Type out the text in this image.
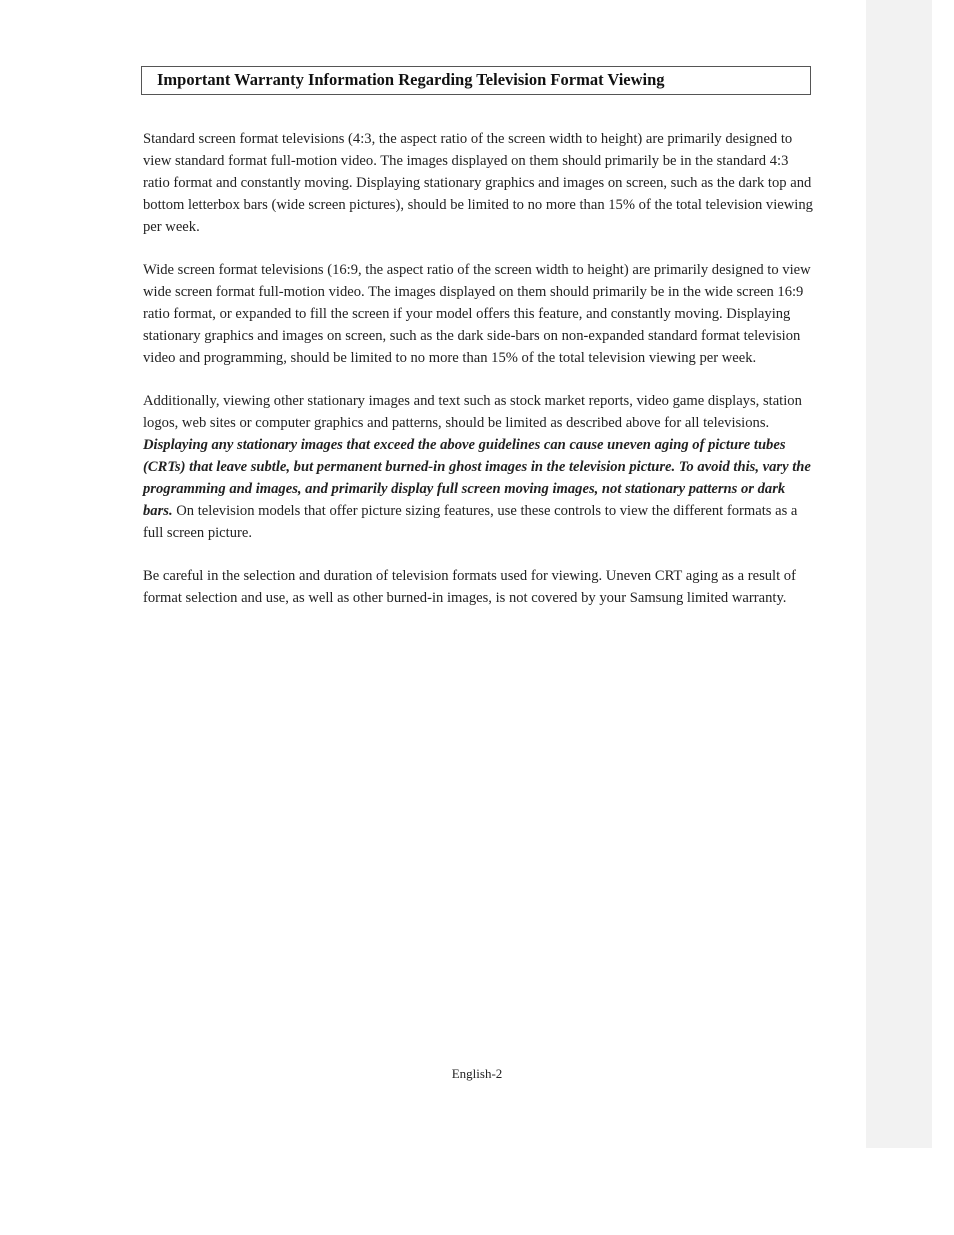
Important Warranty Information Regarding Television Format Viewing

Standard screen format televisions (4:3, the aspect ratio of the screen width to height) are primarily designed to view standard format full-motion video. The images displayed on them should primarily be in the standard 4:3 ratio format and constantly moving. Displaying stationary graphics and images on screen, such as the dark top and bottom letterbox bars (wide screen pictures), should be limited to no more than 15% of the total television viewing per week.

Wide screen format televisions (16:9, the aspect ratio of the screen width to height) are primarily designed to view wide screen format full-motion video. The images displayed on them should primarily be in the wide screen 16:9 ratio format, or expanded to fill the screen if your model offers this feature, and constantly moving. Displaying stationary graphics and images on screen, such as the dark side-bars on non-expanded standard format television video and programming, should be limited to no more than 15% of the total television viewing per week.

Additionally, viewing other stationary images and text such as stock market reports, video game displays, station logos, web sites or computer graphics and patterns, should be limited as described above for all televisions. Displaying any stationary images that exceed the above guidelines can cause uneven aging of picture tubes (CRTs) that leave subtle, but permanent burned-in ghost images in the television picture. To avoid this, vary the programming and images, and primarily display full screen moving images, not stationary patterns or dark bars. On television models that offer picture sizing features, use these controls to view the different formats as a full screen picture.

Be careful in the selection and duration of television formats used for viewing. Uneven CRT aging as a result of format selection and use, as well as other burned-in images, is not covered by your Samsung limited warranty.

English-2
